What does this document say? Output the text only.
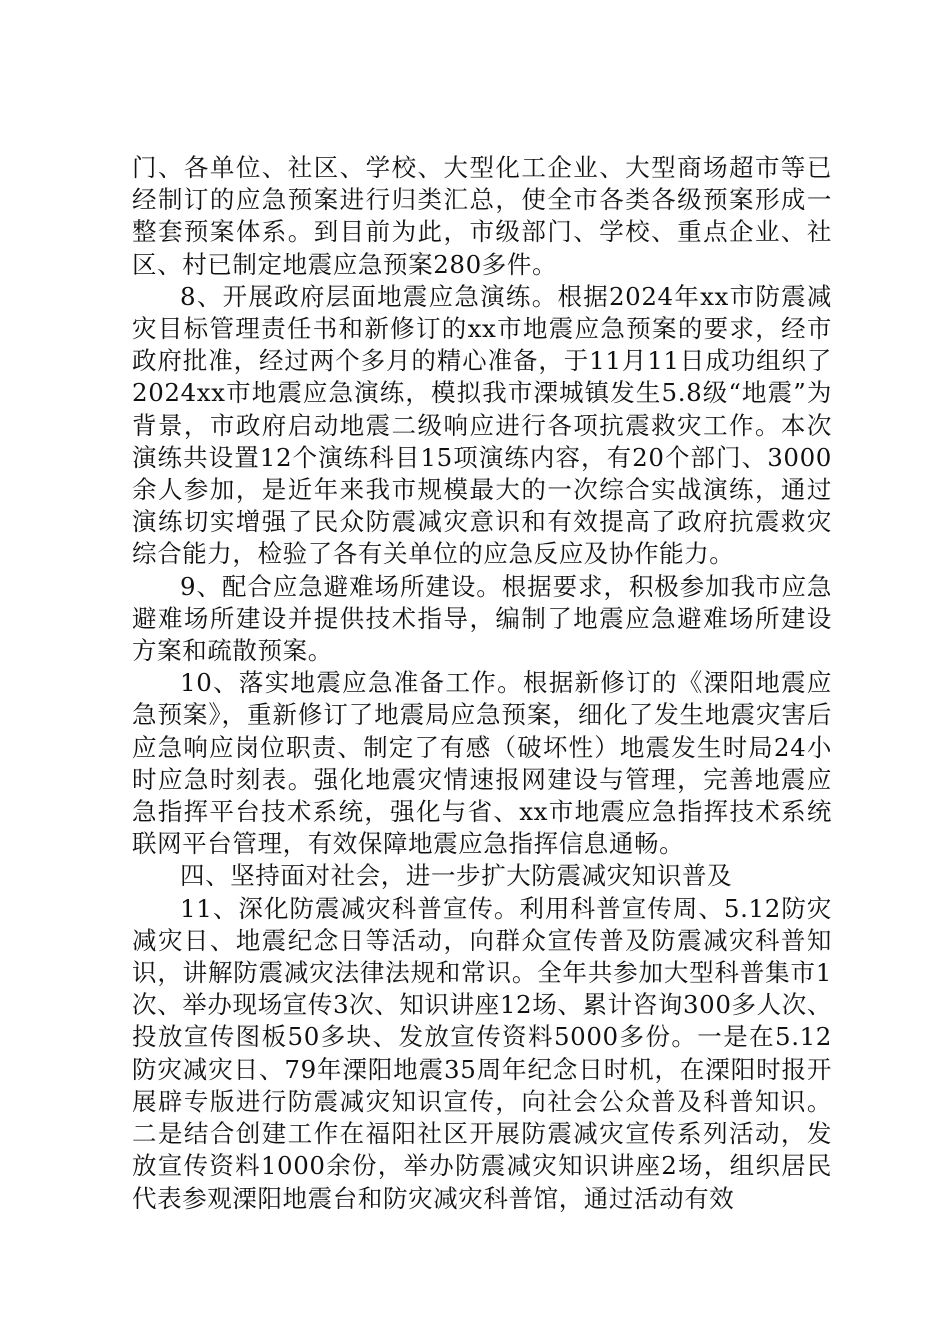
门、各单位、社区、学校、大型化工企业、大型商场超市等已经制订的应急预案进行归类汇总，使全市各类各级预案形成一整套预案体系。到目前为此，市级部门、学校、重点企业、社区、村已制定地震应急预案280多件。

8、开展政府层面地震应急演练。根据2024年xx市防震减灾目标管理责任书和新修订的xx市地震应急预案的要求，经市政府批准，经过两个多月的精心准备，于11月11日成功组织了2024xx市地震应急演练，模拟我市溧城镇发生5.8级“地震”为背景，市政府启动地震二级响应进行各项抗震救灾工作。本次演练共设置12个演练科目15项演练内容，有20个部门、3000余人参加，是近年来我市规模最大的一次综合实战演练，通过演练切实增强了民众防震减灾意识和有效提高了政府抗震救灾综合能力，检验了各有关单位的应急反应及协作能力。

9、配合应急避难场所建设。根据要求，积极参加我市应急避难场所建设并提供技术指导，编制了地震应急避难场所建设方案和疏散预案。

10、落实地震应急准备工作。根据新修订的《溧阳地震应急预案》，重新修订了地震局应急预案，细化了发生地震灾害后应急响应岗位职责、制定了有感（破坏性）地震发生时局24小时应急时刻表。强化地震灾情速报网建设与管理，完善地震应急指挥平台技术系统，强化与省、xx市地震应急指挥技术系统联网平台管理，有效保障地震应急指挥信息通畅。

四、坚持面对社会，进一步扩大防震减灾知识普及

11、深化防震减灾科普宣传。利用科普宣传周、5.12防灾减灾日、地震纪念日等活动，向群众宣传普及防震减灾科普知识，讲解防震减灾法律法规和常识。全年共参加大型科普集市1次、举办现场宣传3次、知识讲座12场、累计咨询300多人次、投放宣传图板50多块、发放宣传资料5000多份。一是在5.12防灾减灾日、79年溧阳地震35周年纪念日时机，在溧阳时报开展辟专版进行防震减灾知识宣传，向社会公众普及科普知识。二是结合创建工作在福阳社区开展防震减灾宣传系列活动，发放宣传资料1000余份，举办防震减灾知识讲座2场，组织居民代表参观溧阳地震台和防灾减灾科普馆，通过活动有效
